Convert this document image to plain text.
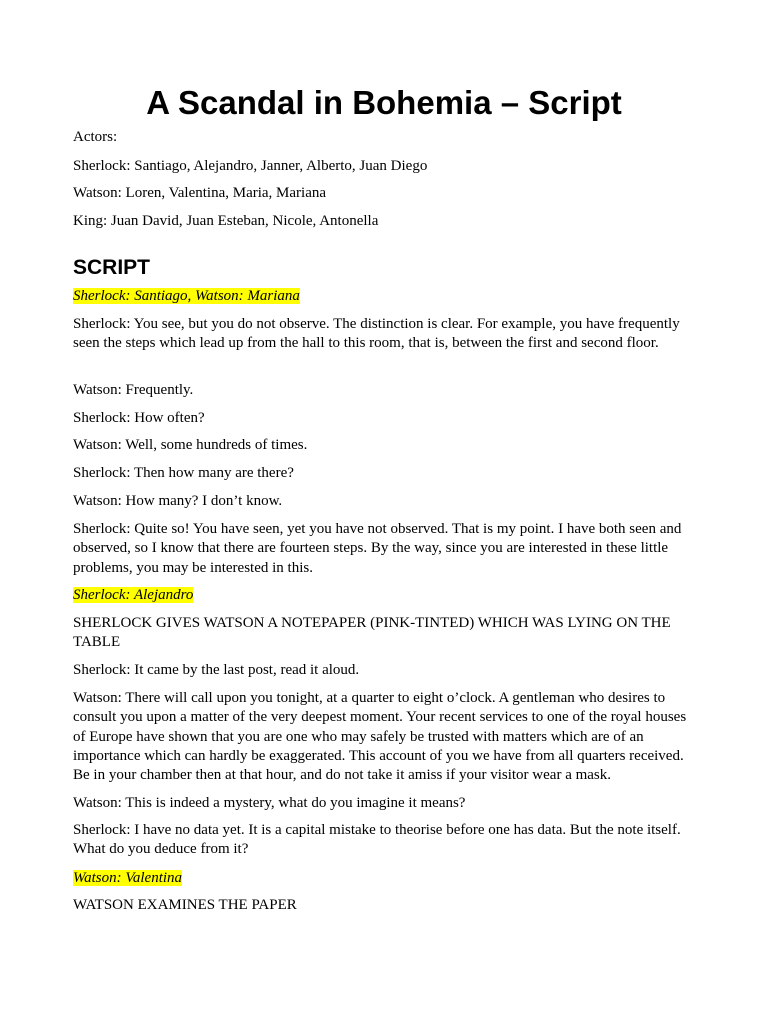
A Scandal in Bohemia – Script

Actors:

Sherlock: Santiago, Alejandro, Janner, Alberto, Juan Diego

Watson: Loren, Valentina, Maria, Mariana

King: Juan David, Juan Esteban, Nicole, Antonella

SCRIPT

Sherlock: Santiago, Watson: Mariana

Sherlock: You see, but you do not observe. The distinction is clear. For example, you have frequently seen the steps which lead up from the hall to this room, that is, between the first and second floor.

Watson: Frequently.

Sherlock: How often?

Watson: Well, some hundreds of times.

Sherlock: Then how many are there?

Watson: How many? I don’t know.

Sherlock: Quite so! You have seen, yet you have not observed. That is my point. I have both seen and observed, so I know that there are fourteen steps. By the way, since you are interested in these little problems, you may be interested in this.

Sherlock: Alejandro

SHERLOCK GIVES WATSON A NOTEPAPER (PINK-TINTED) WHICH WAS LYING ON THE TABLE

Sherlock: It came by the last post, read it aloud.

Watson: There will call upon you tonight, at a quarter to eight o’clock. A gentleman who desires to consult you upon a matter of the very deepest moment. Your recent services to one of the royal houses of Europe have shown that you are one who may safely be trusted with matters which are of an importance which can hardly be exaggerated. This account of you we have from all quarters received. Be in your chamber then at that hour, and do not take it amiss if your visitor wear a mask.

Watson: This is indeed a mystery, what do you imagine it means?

Sherlock: I have no data yet. It is a capital mistake to theorise before one has data. But the note itself. What do you deduce from it?

Watson: Valentina

WATSON EXAMINES THE PAPER
